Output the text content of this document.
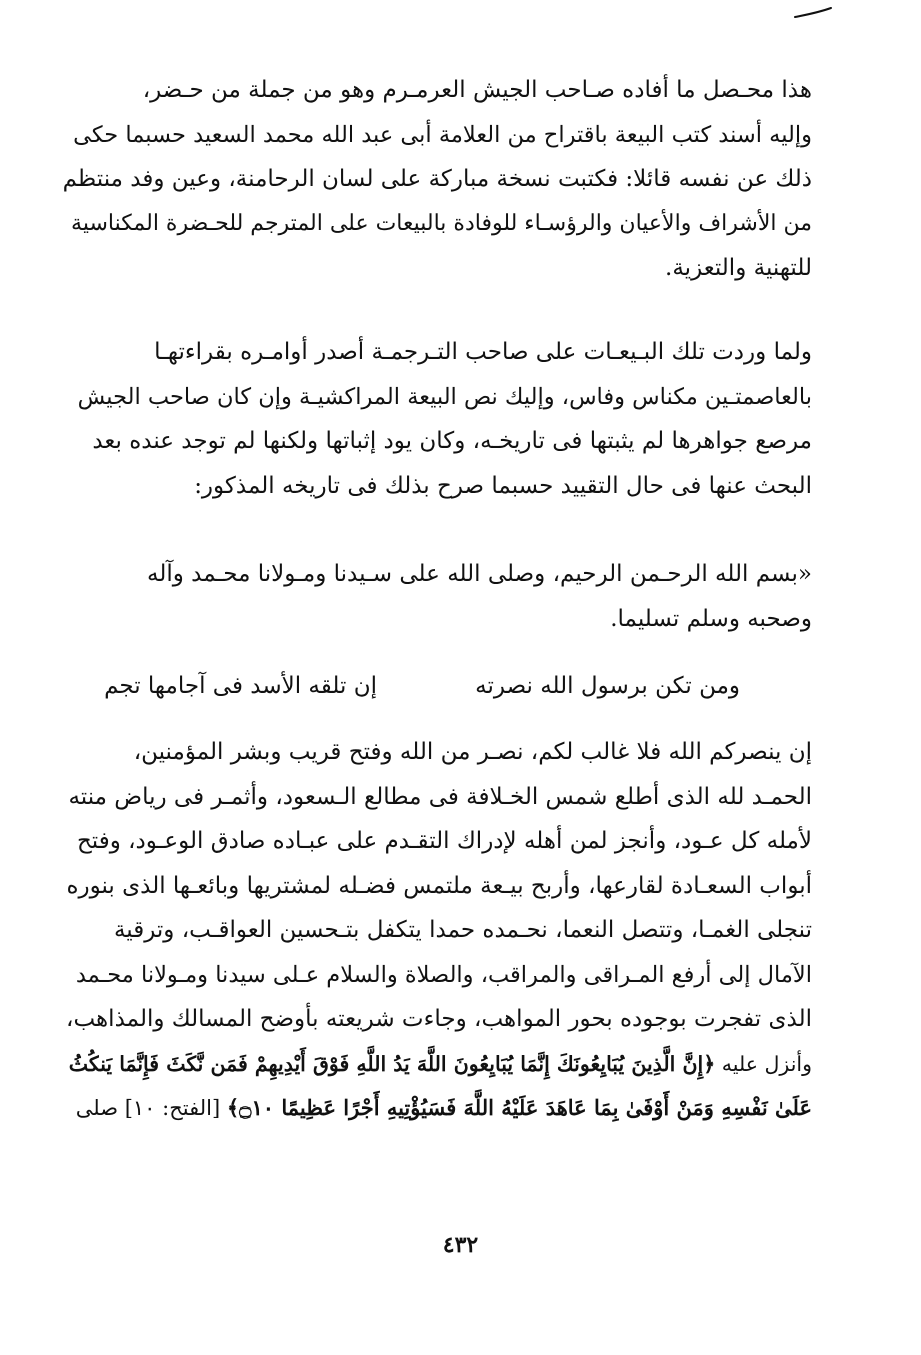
هذا محـصل ما أفاده صـاحب الجيش العرمـرم وهو من جملة من حـضر،
وإليه أسند كتب البيعة باقتراح من العلامة أبى عبد الله محمد السعيد حسبما حكى
ذلك عن نفسه قائلا: فكتبت نسخة مباركة على لسان الرحامنة، وعين وفد منتظم
من الأشراف والأعيان والرؤسـاء للوفادة بالبيعات على المترجم للحـضرة المكناسية
للتهنية والتعزية.
ولما وردت تلك البـيعـات على صاحب التـرجمـة أصدر أوامـره بقراءتهـا
بالعاصمتـين مكناس وفاس، وإليك نص البيعة المراكشيـة وإن كان صاحب الجيش
مرصع جواهرها لم يثبتها فى تاريخـه، وكان يود إثباتها ولكنها لم توجد عنده بعد
البحث عنها فى حال التقييد حسبما صرح بذلك فى تاريخه المذكور:
«بسم الله الرحـمن الرحيم، وصلى الله على سـيدنا ومـولانا محـمد وآله
وصحبه وسلم تسليما.
ومن تكن برسول الله نصرته
إن تلقه الأسد فى آجامها تجم
إن ينصركم الله فلا غالب لكم، نصـر من الله وفتح قريب وبشر المؤمنين،
الحمـد لله الذى أطلع شمس الخـلافة فى مطالع الـسعود، وأثمـر فى رياض منته
لأمله كل عـود، وأنجز لمن أهله لإدراك التقـدم على عبـاده صادق الوعـود، وفتح
أبواب السعـادة لقارعها، وأربح بيـعة ملتمس فضـله لمشتريها وبائعـها الذى بنوره
تنجلى الغمـا، وتتصل النعما، نحـمده حمدا يتكفل بتـحسين العواقـب، وترقية
الآمال إلى أرفع المـراقى والمراقب، والصلاة والسلام عـلى سيدنا ومـولانا محـمد
الذى تفجرت بوجوده بحور المواهب، وجاءت شريعته بأوضح المسالك والمذاهب،
وأنزل عليه ﴿إِنَّ الَّذِينَ يُبَايِعُونَكَ إِنَّمَا يُبَايِعُونَ اللَّهَ يَدُ اللَّهِ فَوْقَ أَيْدِيهِمْ فَمَن نَّكَثَ فَإِنَّمَا يَنكُثُ
عَلَىٰ نَفْسِهِ وَمَنْ أَوْفَىٰ بِمَا عَاهَدَ عَلَيْهُ اللَّهَ فَسَيُؤْتِيهِ أَجْرًا عَظِيمًا ۝١٠﴾ [الفتح: ١٠] صلى
٤٣٢
